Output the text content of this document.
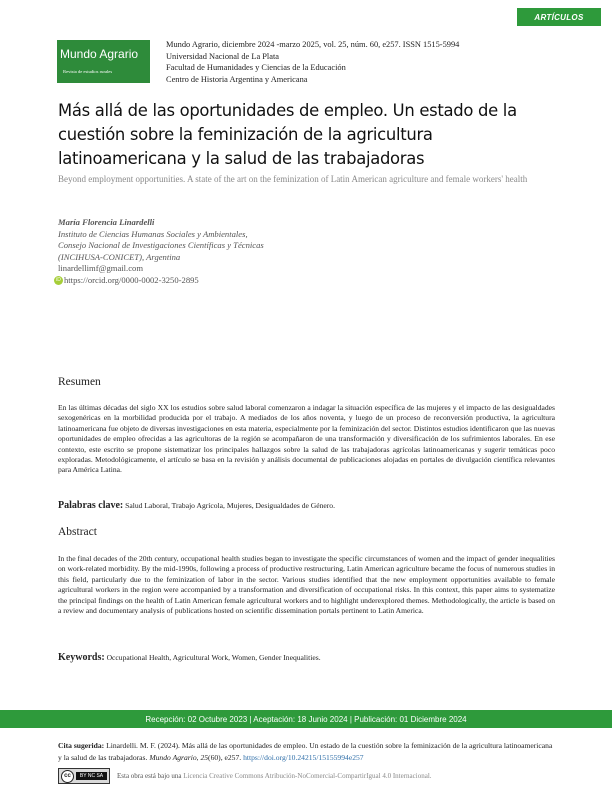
ARTÍCULOS
Mundo Agrario
Revista de estudios rurales
Mundo Agrario, diciembre 2024 -marzo 2025, vol. 25, núm. 60, e257. ISSN 1515-5994
Universidad Nacional de La Plata
Facultad de Humanidades y Ciencias de la Educación
Centro de Historia Argentina y Americana
Más allá de las oportunidades de empleo. Un estado de la cuestión sobre la feminización de la agricultura latinoamericana y la salud de las trabajadoras

Beyond employment opportunities. A state of the art on the feminization of Latin American agriculture and female workers' health

María Florencia Linardelli
Instituto de Ciencias Humanas Sociales y Ambientales,
Consejo Nacional de Investigaciones Científicas y Técnicas
(INCIHUSA-CONICET), Argentina
linardellimf@gmail.com
iD https://orcid.org/0000-0002-3250-2895
Resumen

En las últimas décadas del siglo XX los estudios sobre salud laboral comenzaron a indagar la situación específica de las mujeres y el impacto de las desigualdades sexogenéricas en la morbilidad producida por el trabajo. A mediados de los años noventa, y luego de un proceso de reconversión productiva, la agricultura latinoamericana fue objeto de diversas investigaciones en esta materia, especialmente por la feminización del sector. Distintos estudios identificaron que las nuevas oportunidades de empleo ofrecidas a las agricultoras de la región se acompañaron de una transformación y diversificación de los sufrimientos laborales. En ese contexto, este escrito se propone sistematizar los principales hallazgos sobre la salud de las trabajadoras agrícolas latinoamericanas y sugerir temáticas poco exploradas. Metodológicamente, el artículo se basa en la revisión y análisis documental de publicaciones alojadas en portales de divulgación científica relevantes para América Latina.

Palabras clave: Salud Laboral, Trabajo Agrícola, Mujeres, Desigualdades de Género.
Abstract

In the final decades of the 20th century, occupational health studies began to investigate the specific circumstances of women and the impact of gender inequalities on work-related morbidity. By the mid-1990s, following a process of productive restructuring, Latin American agriculture became the focus of numerous studies in this field, particularly due to the feminization of labor in the sector. Various studies identified that the new employment opportunities available to female agricultural workers in the region were accompanied by a transformation and diversification of occupational risks. In this context, this paper aims to systematize the principal findings on the health of Latin American female agricultural workers and to highlight underexplored themes. Methodologically, the article is based on a review and documentary analysis of publications hosted on scientific dissemination portals pertinent to Latin America.

Keywords: Occupational Health, Agricultural Work, Women, Gender Inequalities.
Recepción: 02 Octubre 2023 | Aceptación: 18 Junio 2024 | Publicación: 01 Diciembre 2024
Cita sugerida: Linardelli. M. F. (2024). Más allá de las oportunidades de empleo. Un estado de la cuestión sobre la feminización de la agricultura latinoamericana y la salud de las trabajadoras. Mundo Agrario, 25(60), e257. https://doi.org/10.24215/15155994e257
cc	BY NC SA	Esta obra está bajo una Licencia Creative Commons Atribución-NoComercial-CompartirIgual 4.0 Internacional.
